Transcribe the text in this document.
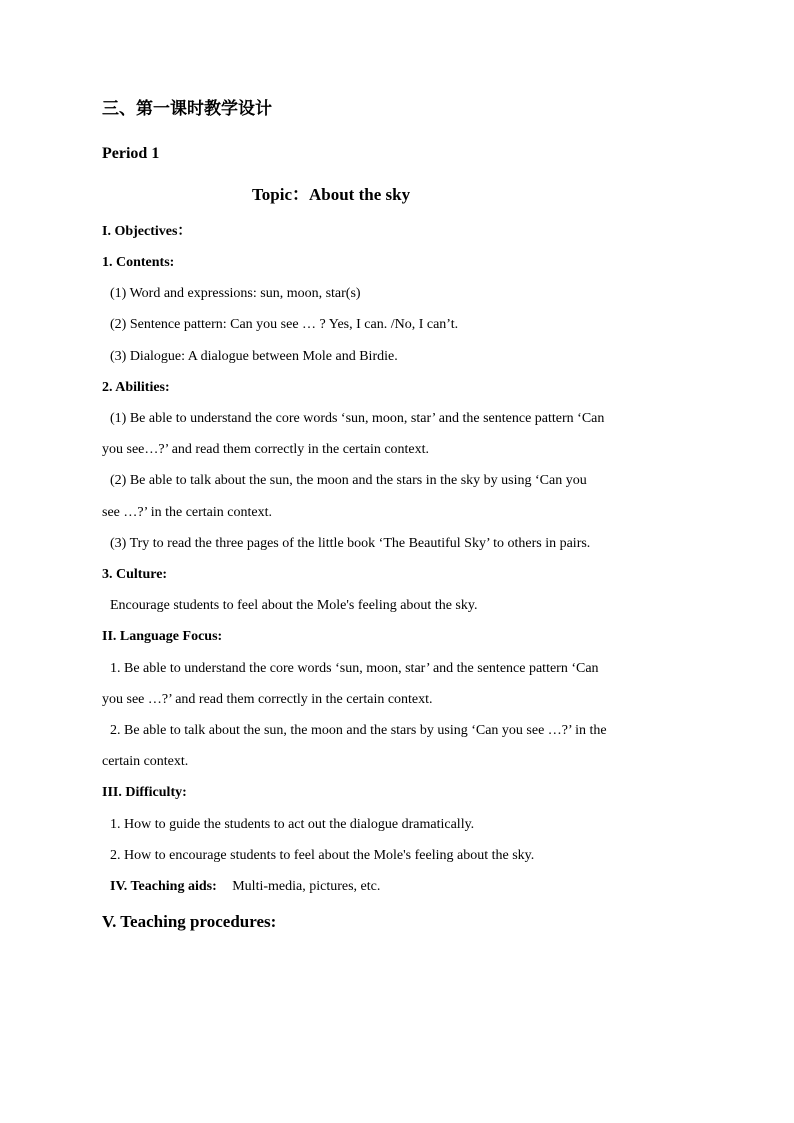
三、第一课时教学设计
Period 1
Topic：About the sky
I. Objectives：
1. Contents:
(1) Word and expressions: sun, moon, star(s)
(2) Sentence pattern: Can you see … ? Yes, I can. /No, I can’t.
(3) Dialogue: A dialogue between Mole and Birdie.
2. Abilities:
(1) Be able to understand the core words ‘sun, moon, star’ and the sentence pattern ‘Can
you see…?’ and read them correctly in the certain context.
(2) Be able to talk about the sun, the moon and the stars in the sky by using ‘Can you
see …?’ in the certain context.
(3) Try to read the three pages of the little book ‘The Beautiful Sky’ to others in pairs.
3. Culture:
Encourage students to feel about the Mole's feeling about the sky.
II. Language Focus:
1. Be able to understand the core words ‘sun, moon, star’ and the sentence pattern ‘Can
you see …?’ and read them correctly in the certain context.
2. Be able to talk about the sun, the moon and the stars by using ‘Can you see …?’ in the
certain context.
III. Difficulty:
1. How to guide the students to act out the dialogue dramatically.
2. How to encourage students to feel about the Mole's feeling about the sky.
IV. Teaching aids: Multi-media, pictures, etc.
V. Teaching procedures:
